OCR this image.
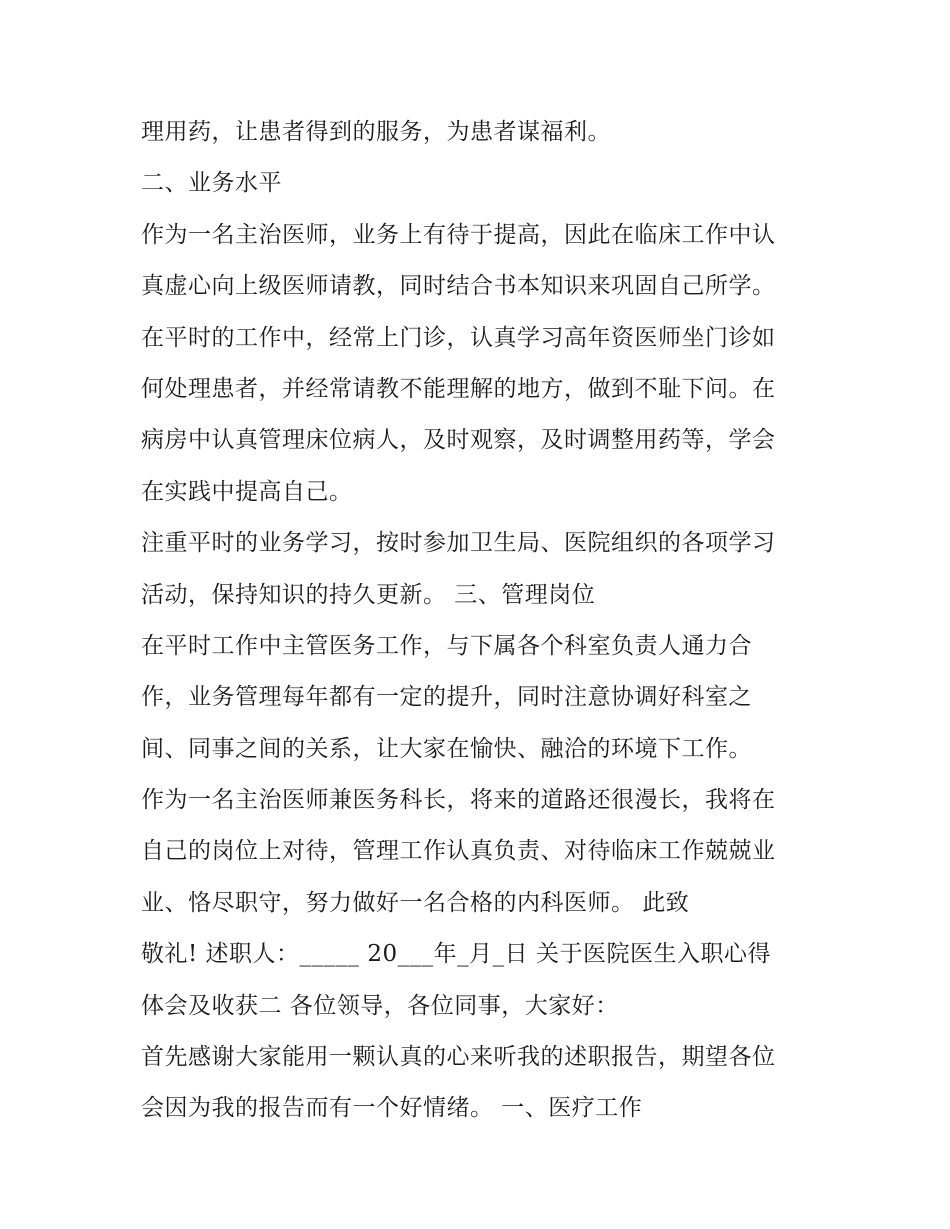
理用药，让患者得到的服务，为患者谋福利。
二、业务水平
作为一名主治医师，业务上有待于提高，因此在临床工作中认
真虚心向上级医师请教，同时结合书本知识来巩固自己所学。
在平时的工作中，经常上门诊，认真学习高年资医师坐门诊如
何处理患者，并经常请教不能理解的地方，做到不耻下问。在
病房中认真管理床位病人，及时观察，及时调整用药等，学会
在实践中提高自己。
注重平时的业务学习，按时参加卫生局、医院组织的各项学习
活动，保持知识的持久更新。 三、管理岗位
在平时工作中主管医务工作，与下属各个科室负责人通力合
作，业务管理每年都有一定的提升，同时注意协调好科室之
间、同事之间的关系，让大家在愉快、融洽的环境下工作。
作为一名主治医师兼医务科长，将来的道路还很漫长，我将在
自己的岗位上对待，管理工作认真负责、对待临床工作兢兢业
业、恪尽职守，努力做好一名合格的内科医师。 此致
敬礼! 述职人：_____ 20___年_月_日 关于医院医生入职心得
体会及收获二 各位领导，各位同事，大家好：
首先感谢大家能用一颗认真的心来听我的述职报告，期望各位
会因为我的报告而有一个好情绪。 一、医疗工作
